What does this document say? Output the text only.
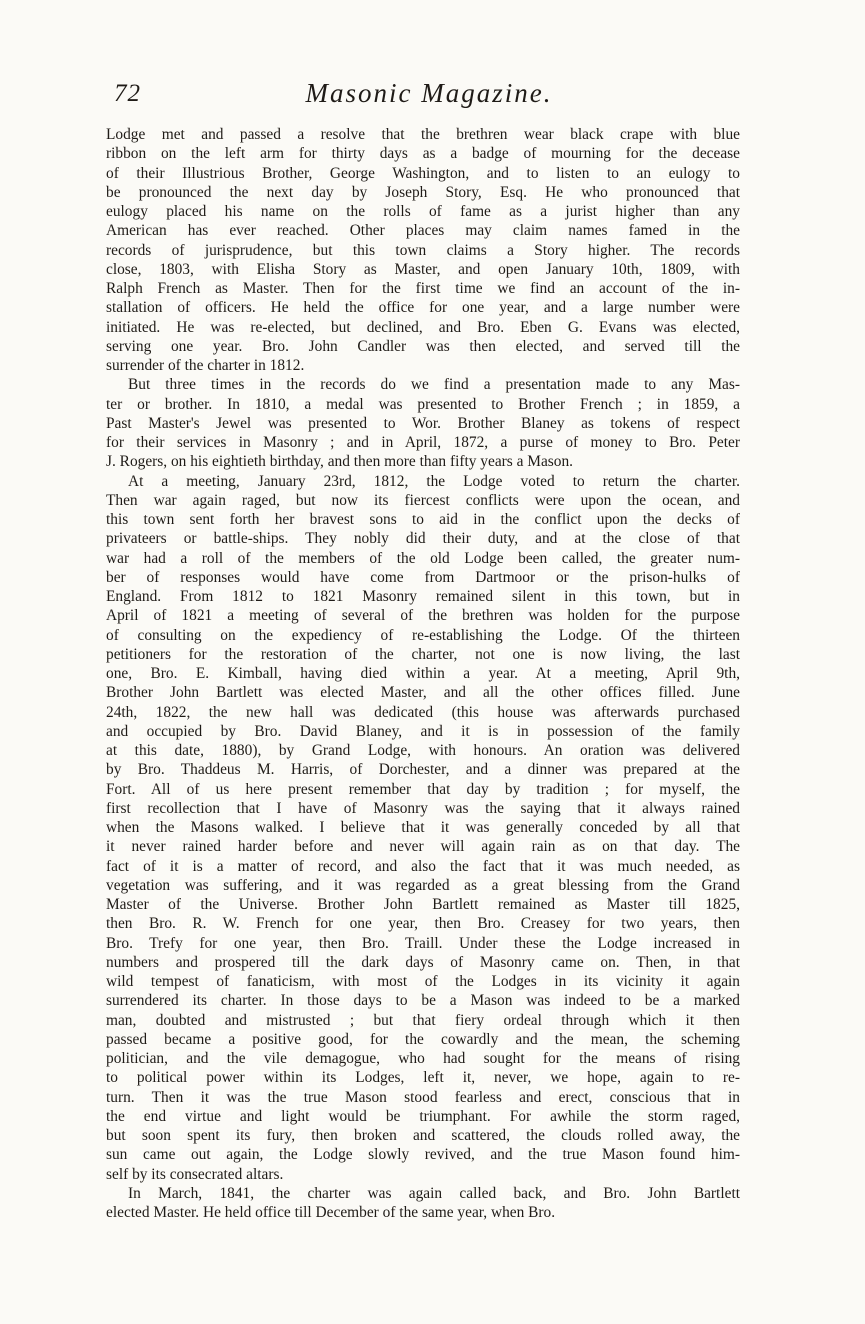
72	Masonic Magazine.
Lodge met and passed a resolve that the brethren wear black crape with blue
ribbon on the left arm for thirty days as a badge of mourning for the decease
of their Illustrious Brother, George Washington, and to listen to an eulogy to
be pronounced the next day by Joseph Story, Esq. He who pronounced that
eulogy placed his name on the rolls of fame as a jurist higher than any
American has ever reached. Other places may claim names famed in the
records of jurisprudence, but this town claims a Story higher. The records
close, 1803, with Elisha Story as Master, and open January 10th, 1809, with
Ralph French as Master. Then for the first time we find an account of the in-
stallation of officers. He held the office for one year, and a large number were
initiated. He was re-elected, but declined, and Bro. Eben G. Evans was elected,
serving one year. Bro. John Candler was then elected, and served till the
surrender of the charter in 1812.
But three times in the records do we find a presentation made to any Mas-
ter or brother. In 1810, a medal was presented to Brother French ; in 1859, a
Past Master's Jewel was presented to Wor. Brother Blaney as tokens of respect
for their services in Masonry ; and in April, 1872, a purse of money to Bro. Peter
J. Rogers, on his eightieth birthday, and then more than fifty years a Mason.
At a meeting, January 23rd, 1812, the Lodge voted to return the charter.
Then war again raged, but now its fiercest conflicts were upon the ocean, and
this town sent forth her bravest sons to aid in the conflict upon the decks of
privateers or battle-ships. They nobly did their duty, and at the close of that
war had a roll of the members of the old Lodge been called, the greater num-
ber of responses would have come from Dartmoor or the prison-hulks of
England. From 1812 to 1821 Masonry remained silent in this town, but in
April of 1821 a meeting of several of the brethren was holden for the purpose
of consulting on the expediency of re-establishing the Lodge. Of the thirteen
petitioners for the restoration of the charter, not one is now living, the last
one, Bro. E. Kimball, having died within a year. At a meeting, April 9th,
Brother John Bartlett was elected Master, and all the other offices filled. June
24th, 1822, the new hall was dedicated (this house was afterwards purchased
and occupied by Bro. David Blaney, and it is in possession of the family
at this date, 1880), by Grand Lodge, with honours. An oration was delivered
by Bro. Thaddeus M. Harris, of Dorchester, and a dinner was prepared at the
Fort. All of us here present remember that day by tradition ; for myself, the
first recollection that I have of Masonry was the saying that it always rained
when the Masons walked. I believe that it was generally conceded by all that
it never rained harder before and never will again rain as on that day. The
fact of it is a matter of record, and also the fact that it was much needed, as
vegetation was suffering, and it was regarded as a great blessing from the Grand
Master of the Universe. Brother John Bartlett remained as Master till 1825,
then Bro. R. W. French for one year, then Bro. Creasey for two years, then
Bro. Trefy for one year, then Bro. Traill. Under these the Lodge increased in
numbers and prospered till the dark days of Masonry came on. Then, in that
wild tempest of fanaticism, with most of the Lodges in its vicinity it again
surrendered its charter. In those days to be a Mason was indeed to be a marked
man, doubted and mistrusted ; but that fiery ordeal through which it then
passed became a positive good, for the cowardly and the mean, the scheming
politician, and the vile demagogue, who had sought for the means of rising
to political power within its Lodges, left it, never, we hope, again to re-
turn. Then it was the true Mason stood fearless and erect, conscious that in
the end virtue and light would be triumphant. For awhile the storm raged,
but soon spent its fury, then broken and scattered, the clouds rolled away, the
sun came out again, the Lodge slowly revived, and the true Mason found him-
self by its consecrated altars.
In March, 1841, the charter was again called back, and Bro. John Bartlett
elected Master. He held office till December of the same year, when Bro.
